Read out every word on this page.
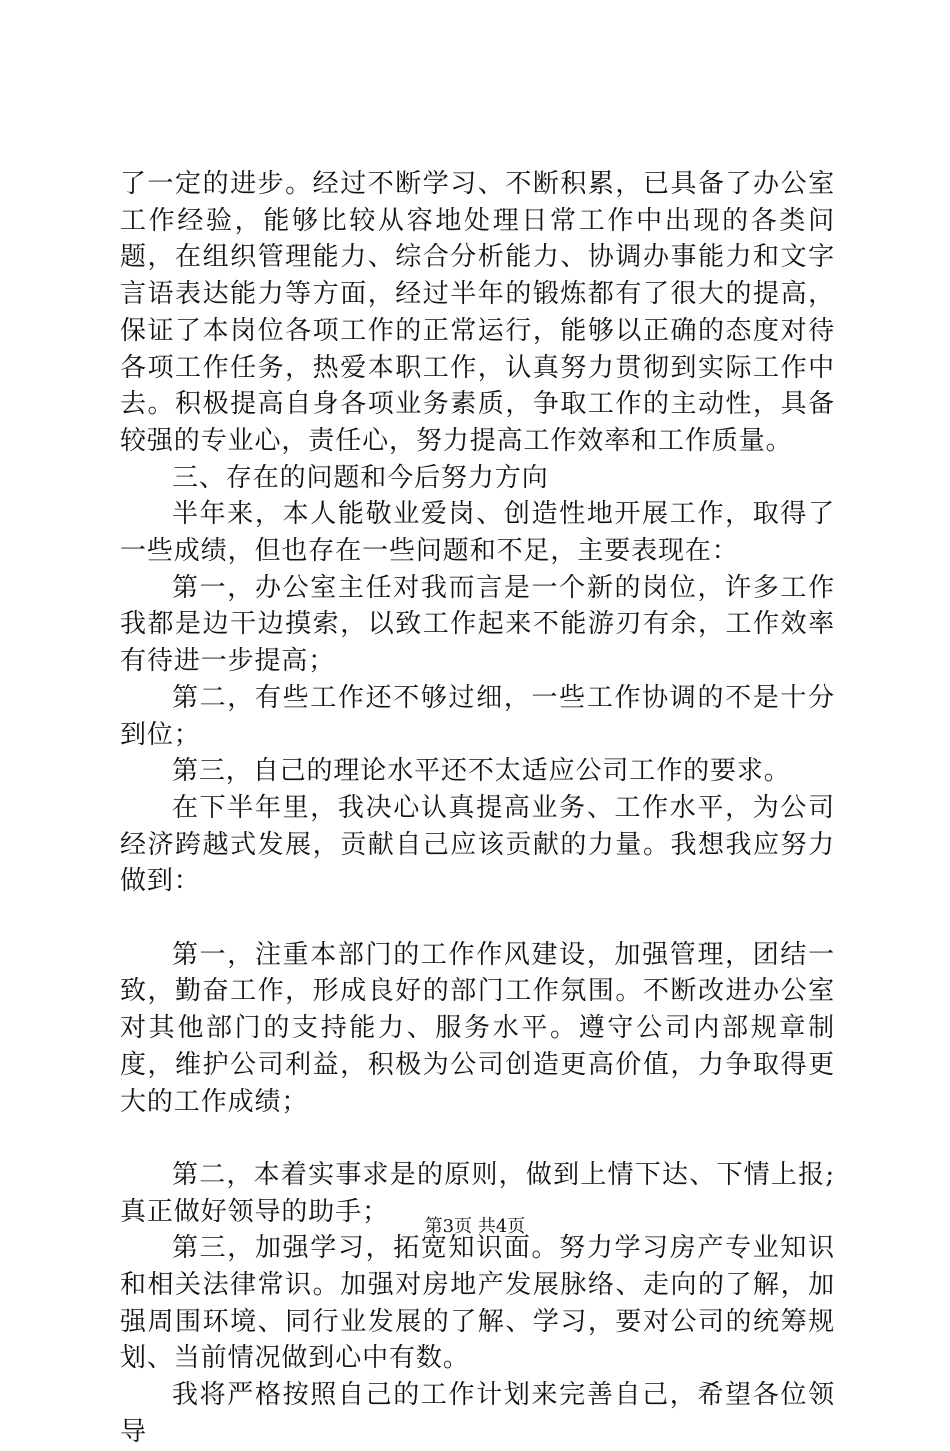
了一定的进步。经过不断学习、不断积累，已具备了办公室工作经验，能够比较从容地处理日常工作中出现的各类问题，在组织管理能力、综合分析能力、协调办事能力和文字言语表达能力等方面，经过半年的锻炼都有了很大的提高，保证了本岗位各项工作的正常运行，能够以正确的态度对待各项工作任务，热爱本职工作，认真努力贯彻到实际工作中去。积极提高自身各项业务素质，争取工作的主动性，具备较强的专业心，责任心，努力提高工作效率和工作质量。

三、存在的问题和今后努力方向

半年来，本人能敬业爱岗、创造性地开展工作，取得了一些成绩，但也存在一些问题和不足，主要表现在：

第一，办公室主任对我而言是一个新的岗位，许多工作我都是边干边摸索，以致工作起来不能游刃有余，工作效率有待进一步提高；

第二，有些工作还不够过细，一些工作协调的不是十分到位；

第三，自己的理论水平还不太适应公司工作的要求。

在下半年里，我决心认真提高业务、工作水平，为公司经济跨越式发展，贡献自己应该贡献的力量。我想我应努力做到：

第一，注重本部门的工作作风建设，加强管理，团结一致，勤奋工作，形成良好的部门工作氛围。不断改进办公室对其他部门的支持能力、服务水平。遵守公司内部规章制度，维护公司利益，积极为公司创造更高价值，力争取得更大的工作成绩；

第二，本着实事求是的原则，做到上情下达、下情上报;真正做好领导的助手；

第三，加强学习，拓宽知识面。努力学习房产专业知识和相关法律常识。加强对房地产发展脉络、走向的了解，加强周围环境、同行业发展的了解、学习，要对公司的统筹规划、当前情况做到心中有数。

我将严格按照自己的工作计划来完善自己，希望各位领导

第3页 共4页
